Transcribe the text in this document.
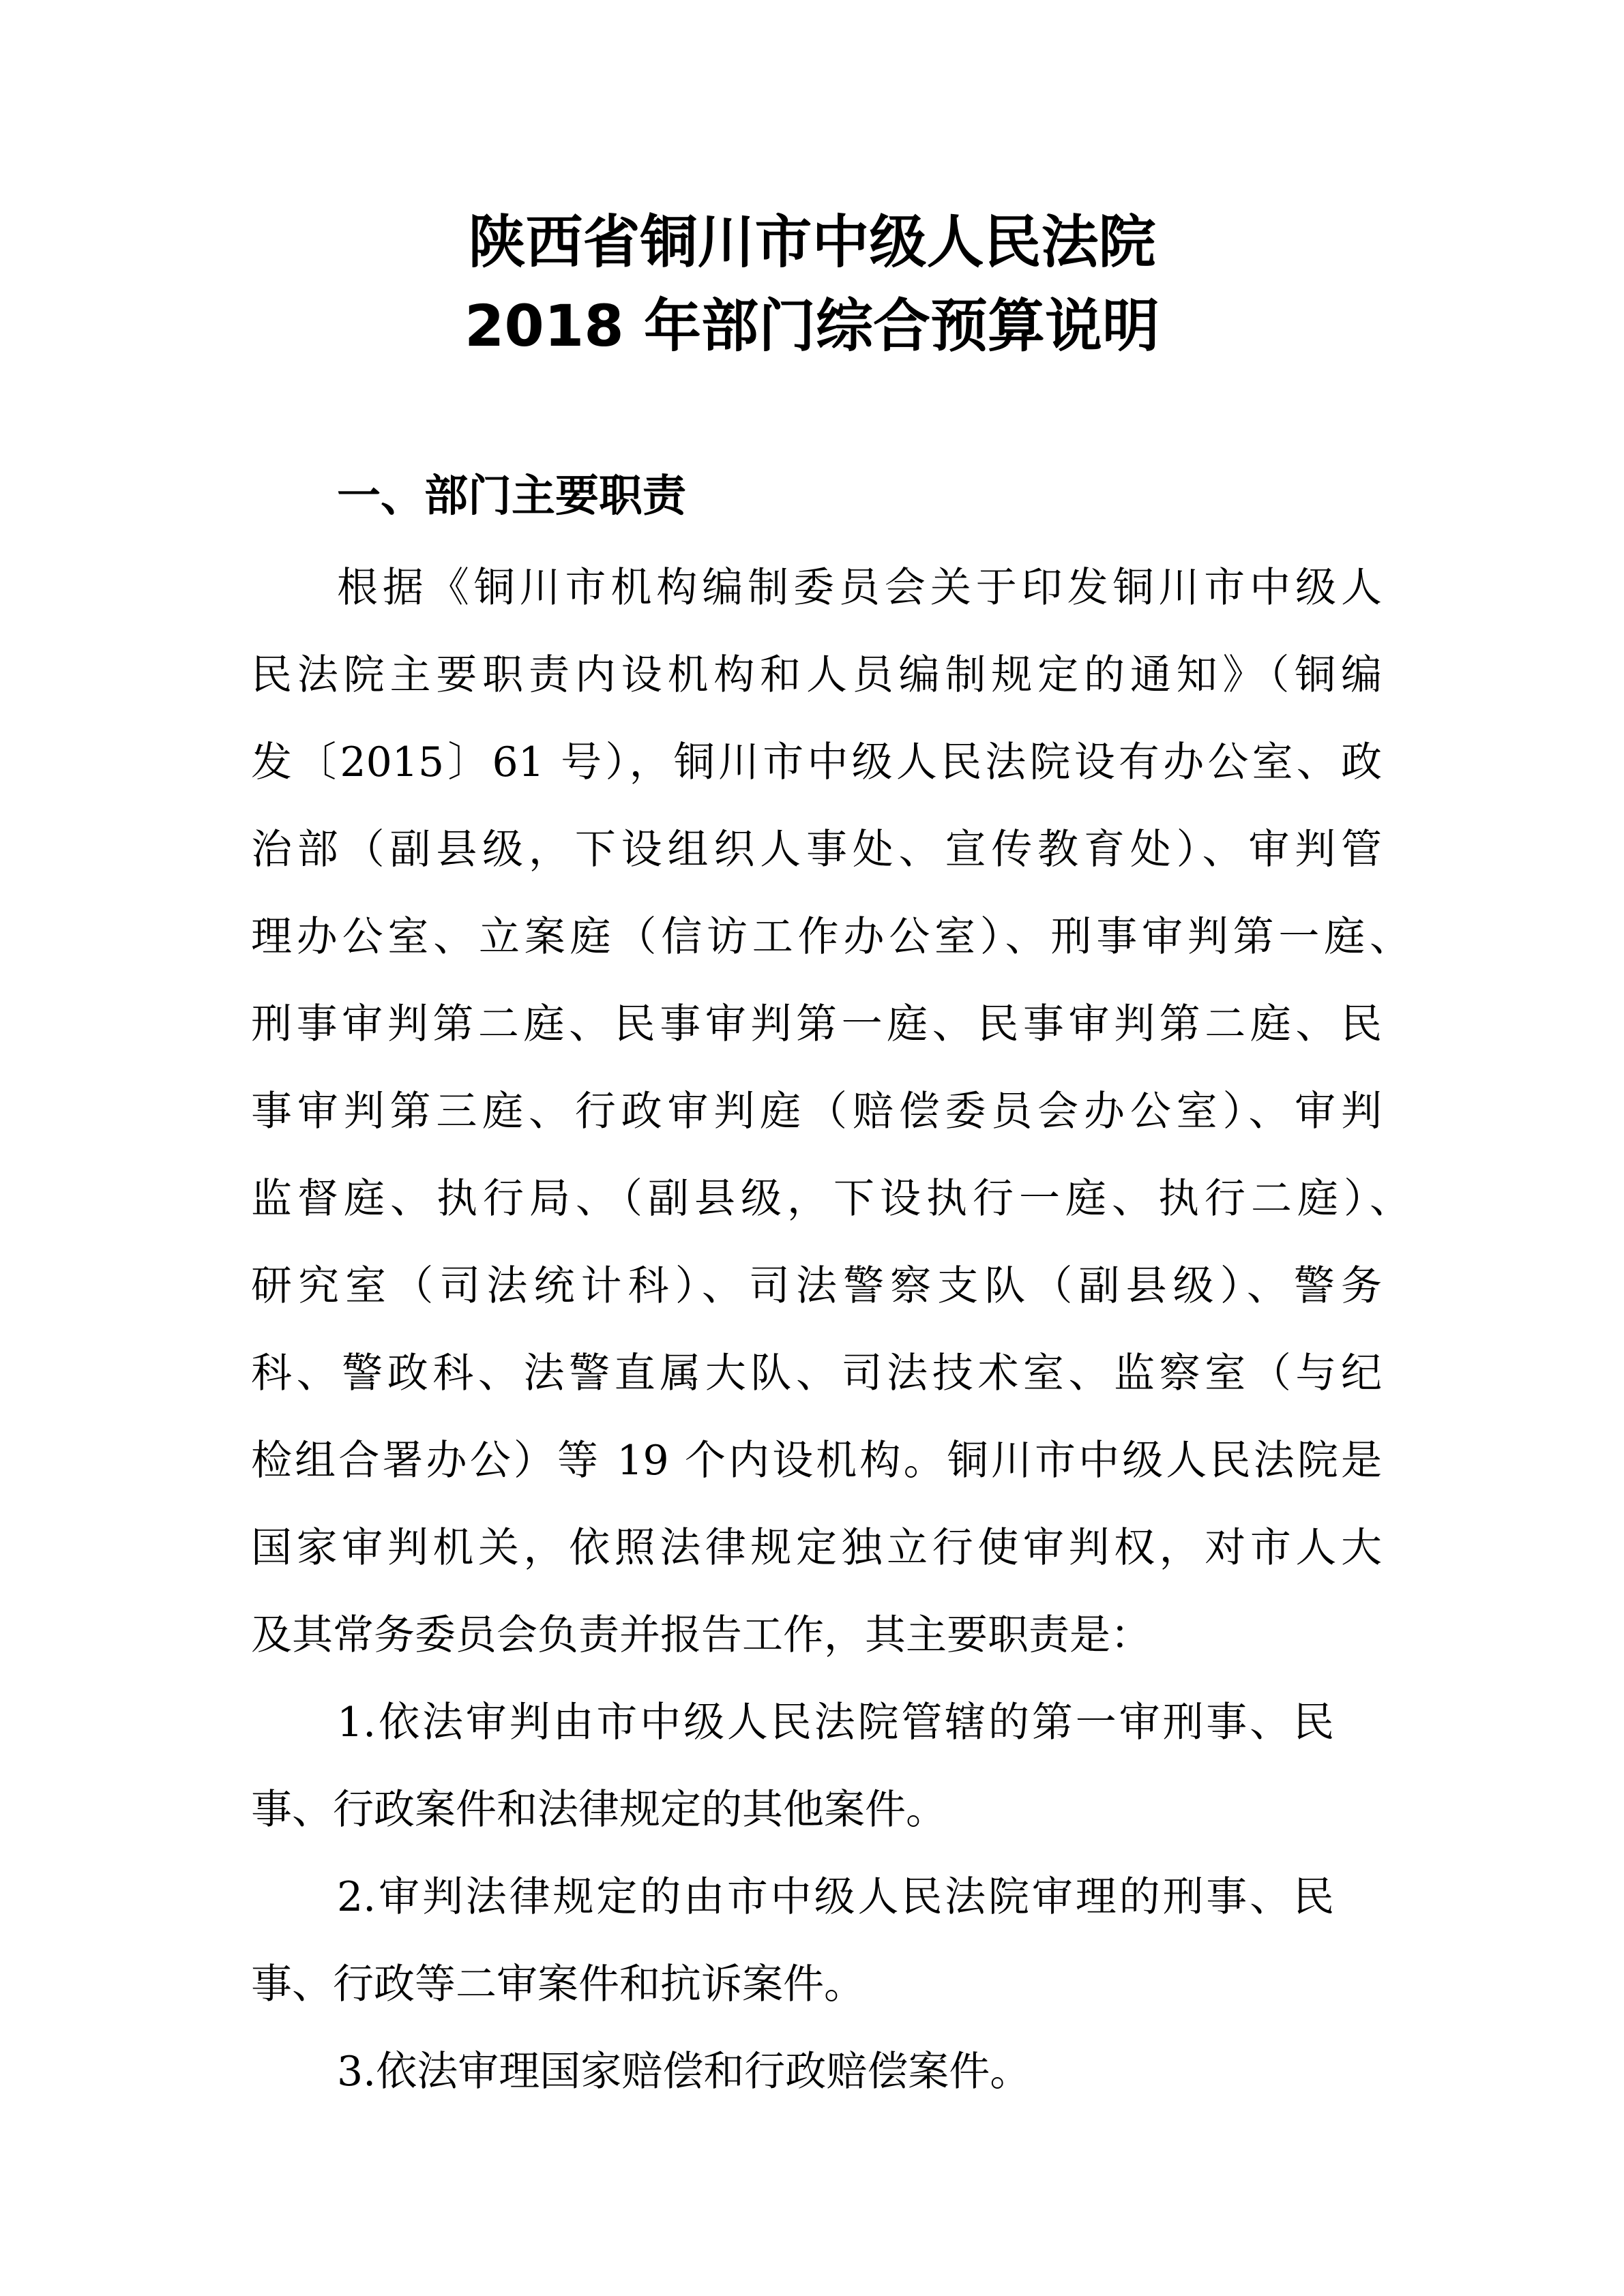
陕西省铜川市中级人民法院
2018 年部门综合预算说明
一、部门主要职责
根据《铜川市机构编制委员会关于印发铜川市中级人
民法院主要职责内设机构和人员编制规定的通知》（铜编
发〔2015〕61 号），铜川市中级人民法院设有办公室、政
治部（副县级，下设组织人事处、宣传教育处）、审判管
理办公室、立案庭（信访工作办公室）、刑事审判第一庭、
刑事审判第二庭、民事审判第一庭、民事审判第二庭、民
事审判第三庭、行政审判庭（赔偿委员会办公室）、审判
监督庭、执行局、（副县级，下设执行一庭、执行二庭）、
研究室（司法统计科）、司法警察支队（副县级）、警务
科、警政科、法警直属大队、司法技术室、监察室（与纪
检组合署办公）等 19 个内设机构。铜川市中级人民法院是
国家审判机关，依照法律规定独立行使审判权，对市人大
及其常务委员会负责并报告工作，其主要职责是：
1.依法审判由市中级人民法院管辖的第一审刑事、民
事、行政案件和法律规定的其他案件。
2.审判法律规定的由市中级人民法院审理的刑事、民
事、行政等二审案件和抗诉案件。
3.依法审理国家赔偿和行政赔偿案件。
